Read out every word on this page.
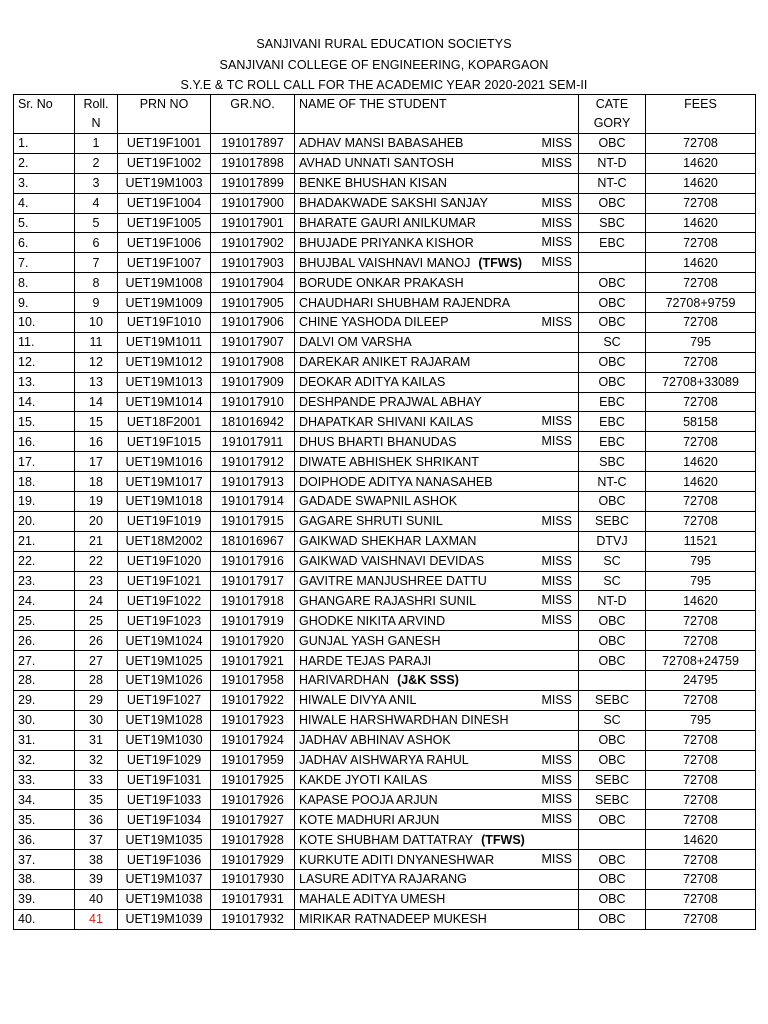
SANJIVANI RURAL EDUCATION SOCIETYS
SANJIVANI COLLEGE OF ENGINEERING, KOPARGAON
S.Y.E & TC ROLL CALL FOR THE ACADEMIC YEAR 2020-2021 SEM-II
Sr. No	Roll. N	PRN NO	GR.NO.	NAME OF THE STUDENT	CATE GORY	FEES
1.	1	UET19F1001	191017897	ADHAV MANSI BABASAHEB MISS	OBC	72708
2.	2	UET19F1002	191017898	AVHAD UNNATI SANTOSH MISS	NT-D	14620
3.	3	UET19M1003	191017899	BENKE BHUSHAN KISAN	NT-C	14620
4.	4	UET19F1004	191017900	BHADAKWADE SAKSHI SANJAY MISS	OBC	72708
5.	5	UET19F1005	191017901	BHARATE GAURI ANILKUMAR MISS	SBC	14620
6.	6	UET19F1006	191017902	BHUJADE PRIYANKA KISHOR MISS	EBC	72708
7.	7	UET19F1007	191017903	BHUJBAL VAISHNAVI MANOJ (TFWS) MISS		14620
8.	8	UET19M1008	191017904	BORUDE ONKAR PRAKASH	OBC	72708
9.	9	UET19M1009	191017905	CHAUDHARI SHUBHAM RAJENDRA	OBC	72708+9759
10.	10	UET19F1010	191017906	CHINE YASHODA DILEEP MISS	OBC	72708
11.	11	UET19M1011	191017907	DALVI OM VARSHA	SC	795
12.	12	UET19M1012	191017908	DAREKAR ANIKET RAJARAM	OBC	72708
13.	13	UET19M1013	191017909	DEOKAR ADITYA KAILAS	OBC	72708+33089
14.	14	UET19M1014	191017910	DESHPANDE PRAJWAL ABHAY	EBC	72708
15.	15	UET18F2001	181016942	DHAPATKAR SHIVANI KAILAS MISS	EBC	58158
16.	16	UET19F1015	191017911	DHUS BHARTI BHANUDAS MISS	EBC	72708
17.	17	UET19M1016	191017912	DIWATE ABHISHEK SHRIKANT	SBC	14620
18.	18	UET19M1017	191017913	DOIPHODE ADITYA NANASAHEB	NT-C	14620
19.	19	UET19M1018	191017914	GADADE SWAPNIL ASHOK	OBC	72708
20.	20	UET19F1019	191017915	GAGARE SHRUTI SUNIL MISS	SEBC	72708
21.	21	UET18M2002	181016967	GAIKWAD SHEKHAR LAXMAN	DTVJ	11521
22.	22	UET19F1020	191017916	GAIKWAD VAISHNAVI DEVIDAS MISS	SC	795
23.	23	UET19F1021	191017917	GAVITRE MANJUSHREE DATTU MISS	SC	795
24.	24	UET19F1022	191017918	GHANGARE RAJASHRI SUNIL MISS	NT-D	14620
25.	25	UET19F1023	191017919	GHODKE NIKITA ARVIND MISS	OBC	72708
26.	26	UET19M1024	191017920	GUNJAL YASH GANESH	OBC	72708
27.	27	UET19M1025	191017921	HARDE TEJAS PARAJI	OBC	72708+24759
28.	28	UET19M1026	191017958	HARIVARDHAN (J&K SSS)		24795
29.	29	UET19F1027	191017922	HIWALE DIVYA ANIL MISS	SEBC	72708
30.	30	UET19M1028	191017923	HIWALE HARSHWARDHAN DINESH	SC	795
31.	31	UET19M1030	191017924	JADHAV ABHINAV ASHOK	OBC	72708
32.	32	UET19F1029	191017959	JADHAV AISHWARYA RAHUL MISS	OBC	72708
33.	33	UET19F1031	191017925	KAKDE JYOTI KAILAS MISS	SEBC	72708
34.	35	UET19F1033	191017926	KAPASE POOJA ARJUN MISS	SEBC	72708
35.	36	UET19F1034	191017927	KOTE MADHURI ARJUN MISS	OBC	72708
36.	37	UET19M1035	191017928	KOTE SHUBHAM DATTATRAY (TFWS)		14620
37.	38	UET19F1036	191017929	KURKUTE ADITI DNYANESHWAR MISS	OBC	72708
38.	39	UET19M1037	191017930	LASURE ADITYA RAJARANG	OBC	72708
39.	40	UET19M1038	191017931	MAHALE ADITYA UMESH	OBC	72708
40.	41	UET19M1039	191017932	MIRIKAR RATNADEEP MUKESH	OBC	72708
